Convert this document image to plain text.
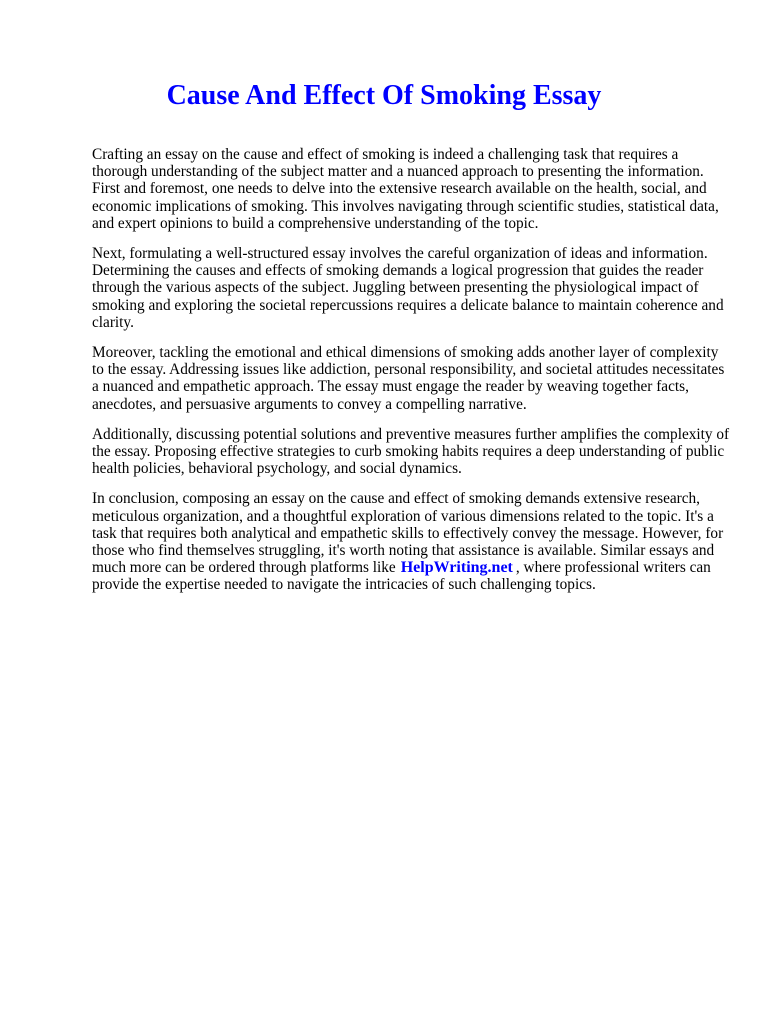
Cause And Effect Of Smoking Essay

Crafting an essay on the cause and effect of smoking is indeed a challenging task that requires a thorough understanding of the subject matter and a nuanced approach to presenting the information. First and foremost, one needs to delve into the extensive research available on the health, social, and economic implications of smoking. This involves navigating through scientific studies, statistical data, and expert opinions to build a comprehensive understanding of the topic.

Next, formulating a well-structured essay involves the careful organization of ideas and information. Determining the causes and effects of smoking demands a logical progression that guides the reader through the various aspects of the subject. Juggling between presenting the physiological impact of smoking and exploring the societal repercussions requires a delicate balance to maintain coherence and clarity.

Moreover, tackling the emotional and ethical dimensions of smoking adds another layer of complexity to the essay. Addressing issues like addiction, personal responsibility, and societal attitudes necessitates a nuanced and empathetic approach. The essay must engage the reader by weaving together facts, anecdotes, and persuasive arguments to convey a compelling narrative.

Additionally, discussing potential solutions and preventive measures further amplifies the complexity of the essay. Proposing effective strategies to curb smoking habits requires a deep understanding of public health policies, behavioral psychology, and social dynamics.

In conclusion, composing an essay on the cause and effect of smoking demands extensive research, meticulous organization, and a thoughtful exploration of various dimensions related to the topic. It's a task that requires both analytical and empathetic skills to effectively convey the message. However, for those who find themselves struggling, it's worth noting that assistance is available. Similar essays and much more can be ordered through platforms like HelpWriting.net , where professional writers can provide the expertise needed to navigate the intricacies of such challenging topics.
